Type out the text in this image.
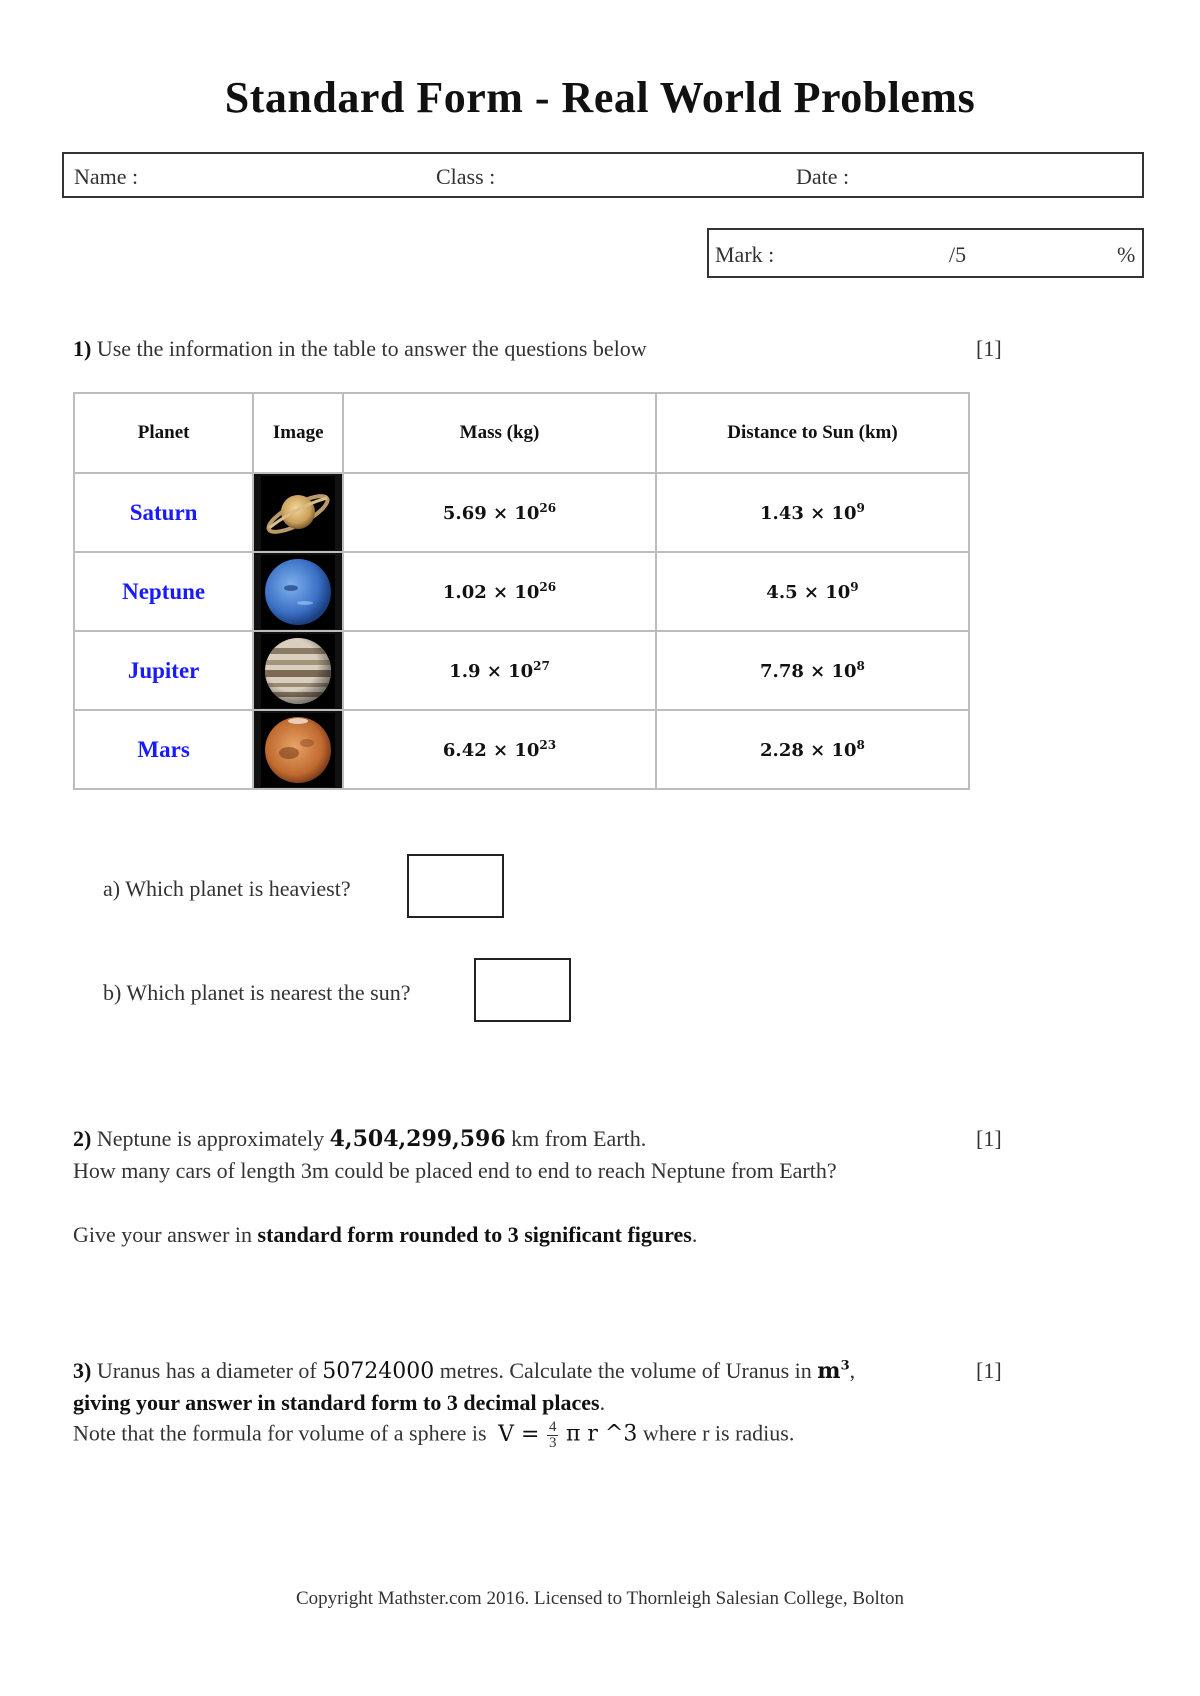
Standard Form - Real World Problems
Name :	Class :	Date :
Mark :	/5	%
1) Use the information in the table to answer the questions below	[1]
Planet	Image	Mass (kg)	Distance to Sun (km)
Saturn		$5.69 \times 10^{26}$	$1.43 \times 10^9$
Neptune		$1.02 \times 10^{26}$	$4.5 \times 10^9$
Jupiter		$1.9 \times 10^{27}$	$7.78 \times 10^8$
Mars		$6.42 \times 10^{23}$	$2.28 \times 10^8$
a) Which planet is heaviest?
b) Which planet is nearest the sun?
2) Neptune is approximately 4,504,299,596 km from Earth.	[1]
How many cars of length 3m could be placed end to end to reach Neptune from Earth?
Give your answer in standard form rounded to 3 significant figures.
3) Uranus has a diameter of 50724000 metres. Calculate the volume of Uranus in $m^3$,	[1]
giving your answer in standard form to 3 decimal places.
Note that the formula for volume of a sphere is $V = \frac{4}{3}$ π r ^3 where r is radius.
Copyright Mathster.com 2016. Licensed to Thornleigh Salesian College, Bolton
